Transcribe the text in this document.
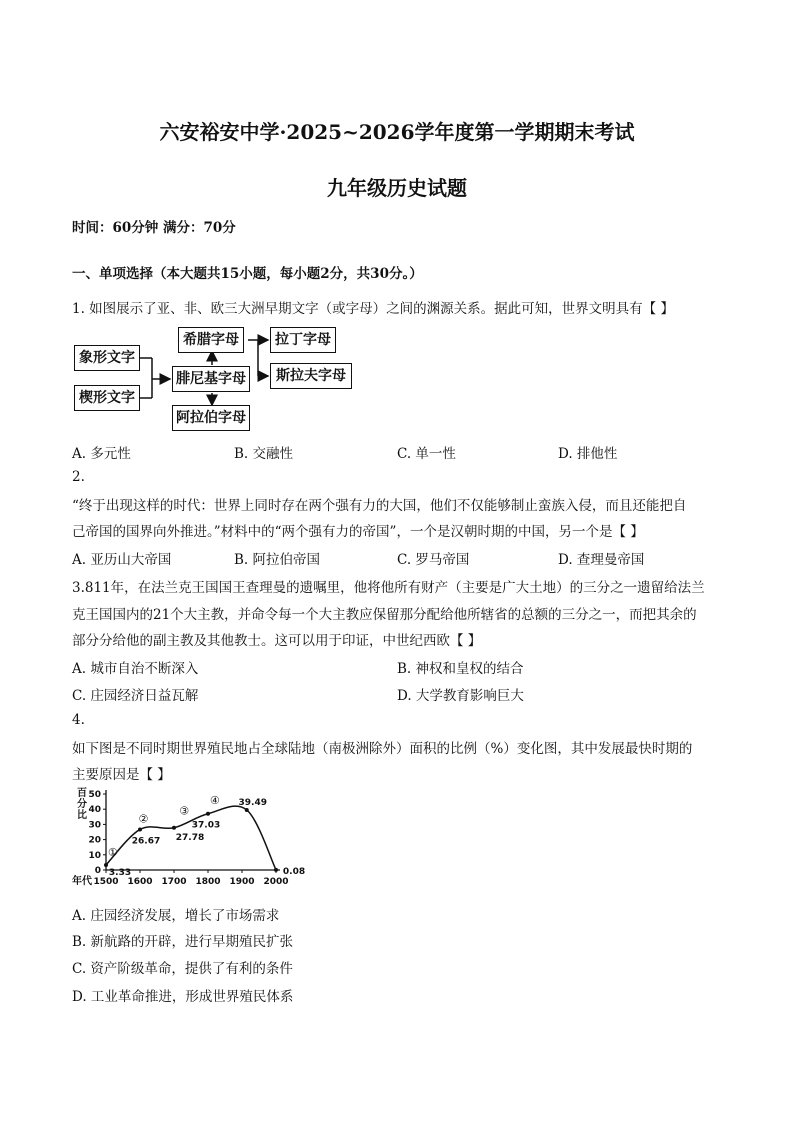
六安裕安中学·2025~2026学年度第一学期期末考试
九年级历史试题
时间：60分钟 满分：70分
一、单项选择（本大题共15小题，每小题2分，共30分。）
1. 如图展示了亚、非、欧三大洲早期文字（或字母）之间的渊源关系。据此可知，世界文明具有【 】
象形文字
楔形文字
腓尼基字母
希腊字母
阿拉伯字母
拉丁字母
斯拉夫字母
A. 多元性	B. 交融性	C. 单一性	D. 排他性
2.
“终于出现这样的时代：世界上同时存在两个强有力的大国，他们不仅能够制止蛮族入侵，而且还能把自
己帝国的国界向外推进。”材料中的“两个强有力的帝国”，一个是汉朝时期的中国，另一个是【 】
A. 亚历山大帝国	B. 阿拉伯帝国	C. 罗马帝国	D. 查理曼帝国
3.811年，在法兰克王国国王查理曼的遗嘱里，他将他所有财产（主要是广大土地）的三分之一遗留给法兰
克王国国内的21个大主教，并命令每一个大主教应保留那分配给他所辖省的总额的三分之一，而把其余的
部分分给他的副主教及其他教士。这可以用于印证，中世纪西欧【 】
A. 城市自治不断深入	B. 神权和皇权的结合
C. 庄园经济日益瓦解	D. 大学教育影响巨大
4.
如下图是不同时期世界殖民地占全球陆地（南极洲除外）面积的比例（%）变化图，其中发展最快时期的
主要原因是【 】
0
10
20
30
40
50
1500 1600 1700 1800 1900 2000
百
分
比
年代
3.33
26.67 27.78
37.03
39.49
0.08
①
②
③
④
A. 庄园经济发展，增长了市场需求
B. 新航路的开辟，进行早期殖民扩张
C. 资产阶级革命，提供了有利的条件
D. 工业革命推进，形成世界殖民体系
